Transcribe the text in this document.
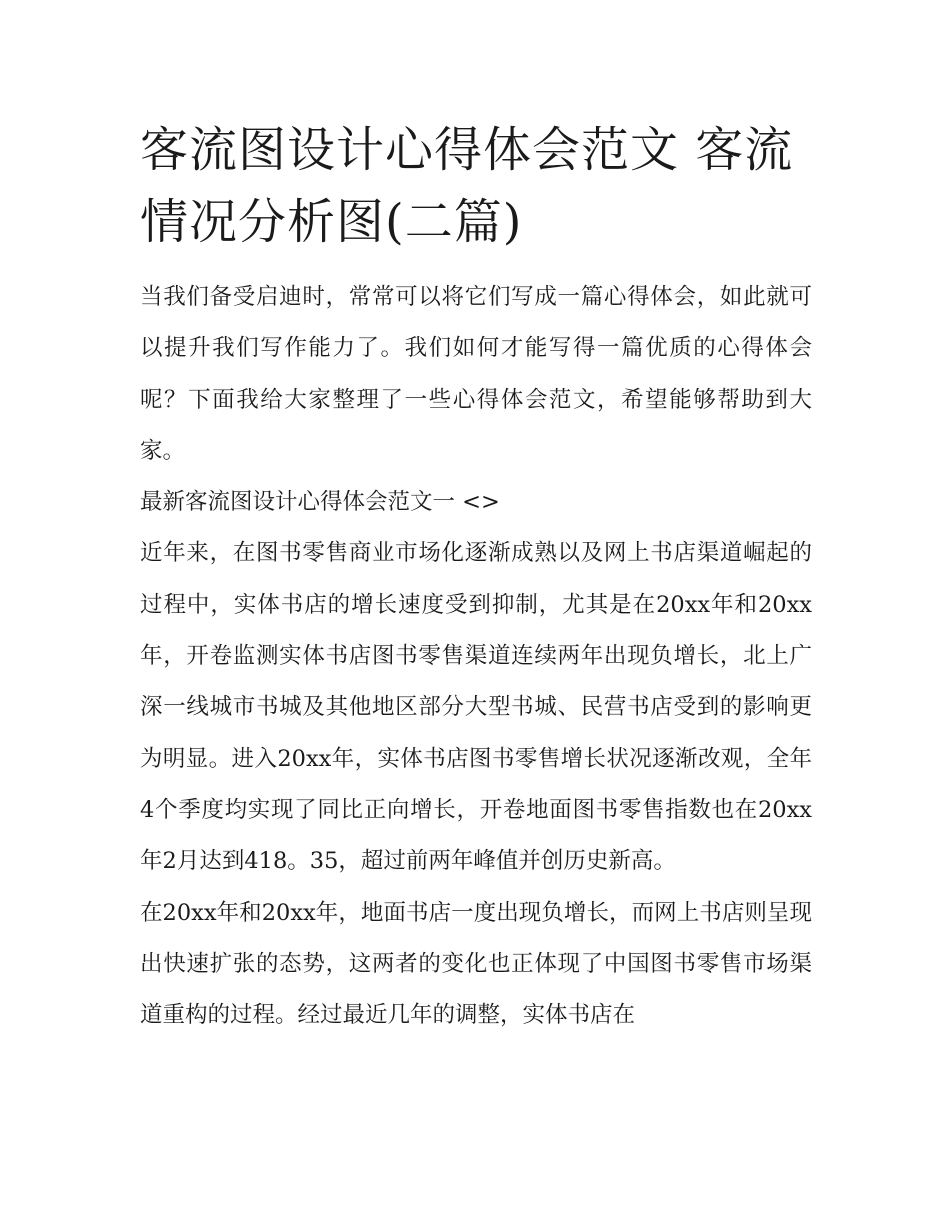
客流图设计心得体会范文 客流情况分析图(二篇)

当我们备受启迪时，常常可以将它们写成一篇心得体会，如此就可以提升我们写作能力了。我们如何才能写得一篇优质的心得体会呢？下面我给大家整理了一些心得体会范文，希望能够帮助到大家。

最新客流图设计心得体会范文一 <>

近年来，在图书零售商业市场化逐渐成熟以及网上书店渠道崛起的过程中，实体书店的增长速度受到抑制，尤其是在20xx年和20xx年，开卷监测实体书店图书零售渠道连续两年出现负增长，北上广深一线城市书城及其他地区部分大型书城、民营书店受到的影响更为明显。进入20xx年，实体书店图书零售增长状况逐渐改观，全年4个季度均实现了同比正向增长，开卷地面图书零售指数也在20xx年2月达到418。35，超过前两年峰值并创历史新高。

在20xx年和20xx年，地面书店一度出现负增长，而网上书店则呈现出快速扩张的态势，这两者的变化也正体现了中国图书零售市场渠道重构的过程。经过最近几年的调整，实体书店在
